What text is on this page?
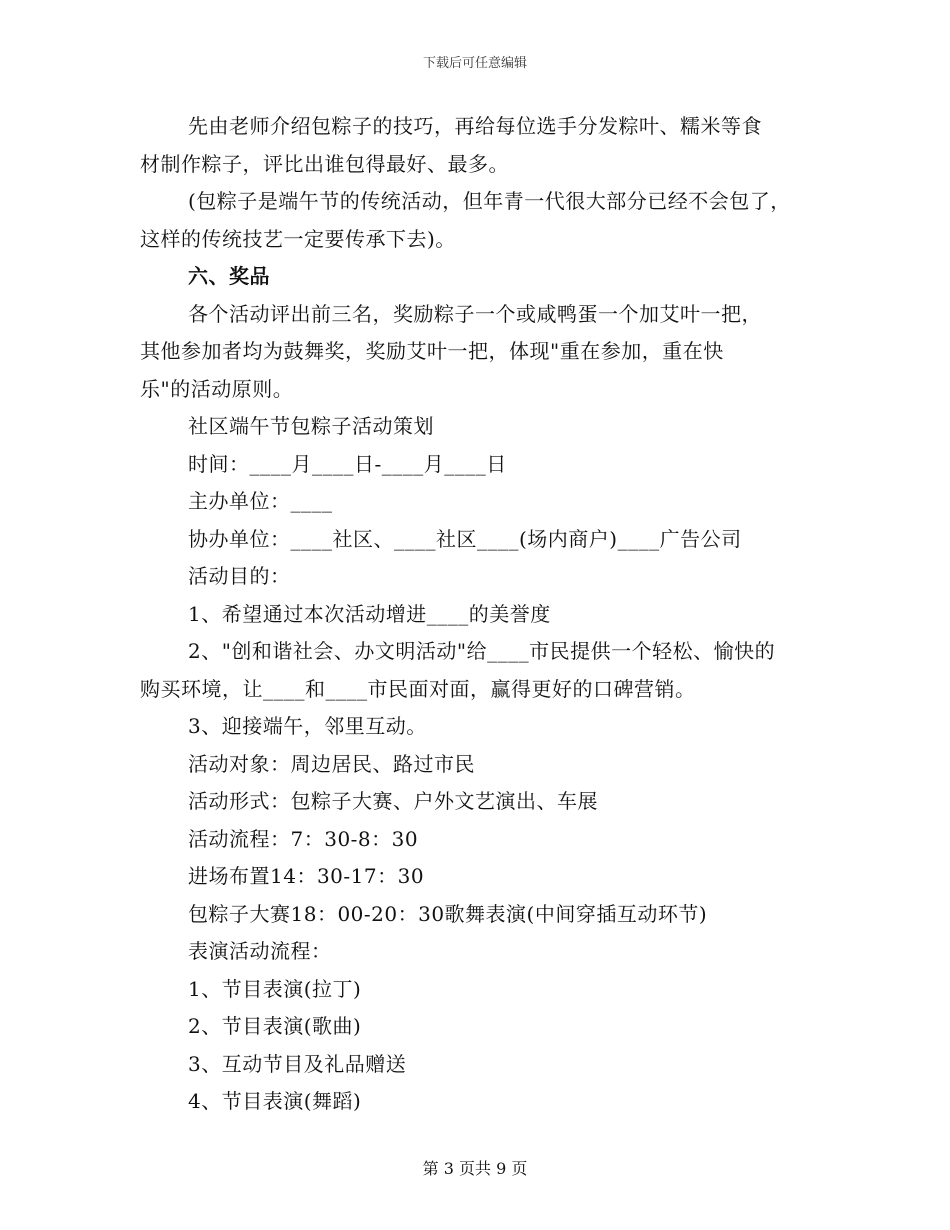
下载后可任意编辑
先由老师介绍包粽子的技巧，再给每位选手分发粽叶、糯米等食
材制作粽子，评比出谁包得最好、最多。
(包粽子是端午节的传统活动，但年青一代很大部分已经不会包了，
这样的传统技艺一定要传承下去)。
六、奖品
各个活动评出前三名，奖励粽子一个或咸鸭蛋一个加艾叶一把，
其他参加者均为鼓舞奖，奖励艾叶一把，体现"重在参加，重在快
乐"的活动原则。
社区端午节包粽子活动策划
时间：____月____日-____月____日
主办单位：____
协办单位：____社区、____社区____(场内商户)____广告公司
活动目的：
1、希望通过本次活动增进____的美誉度
2、"创和谐社会、办文明活动"给____市民提供一个轻松、愉快的
购买环境，让____和____市民面对面，赢得更好的口碑营销。
3、迎接端午，邻里互动。
活动对象：周边居民、路过市民
活动形式：包粽子大赛、户外文艺演出、车展
活动流程：7：30-8：30
进场布置14：30-17：30
包粽子大赛18：00-20：30歌舞表演(中间穿插互动环节)
表演活动流程：
1、节目表演(拉丁)
2、节目表演(歌曲)
3、互动节目及礼品赠送
4、节目表演(舞蹈)
第 3 页共 9 页
